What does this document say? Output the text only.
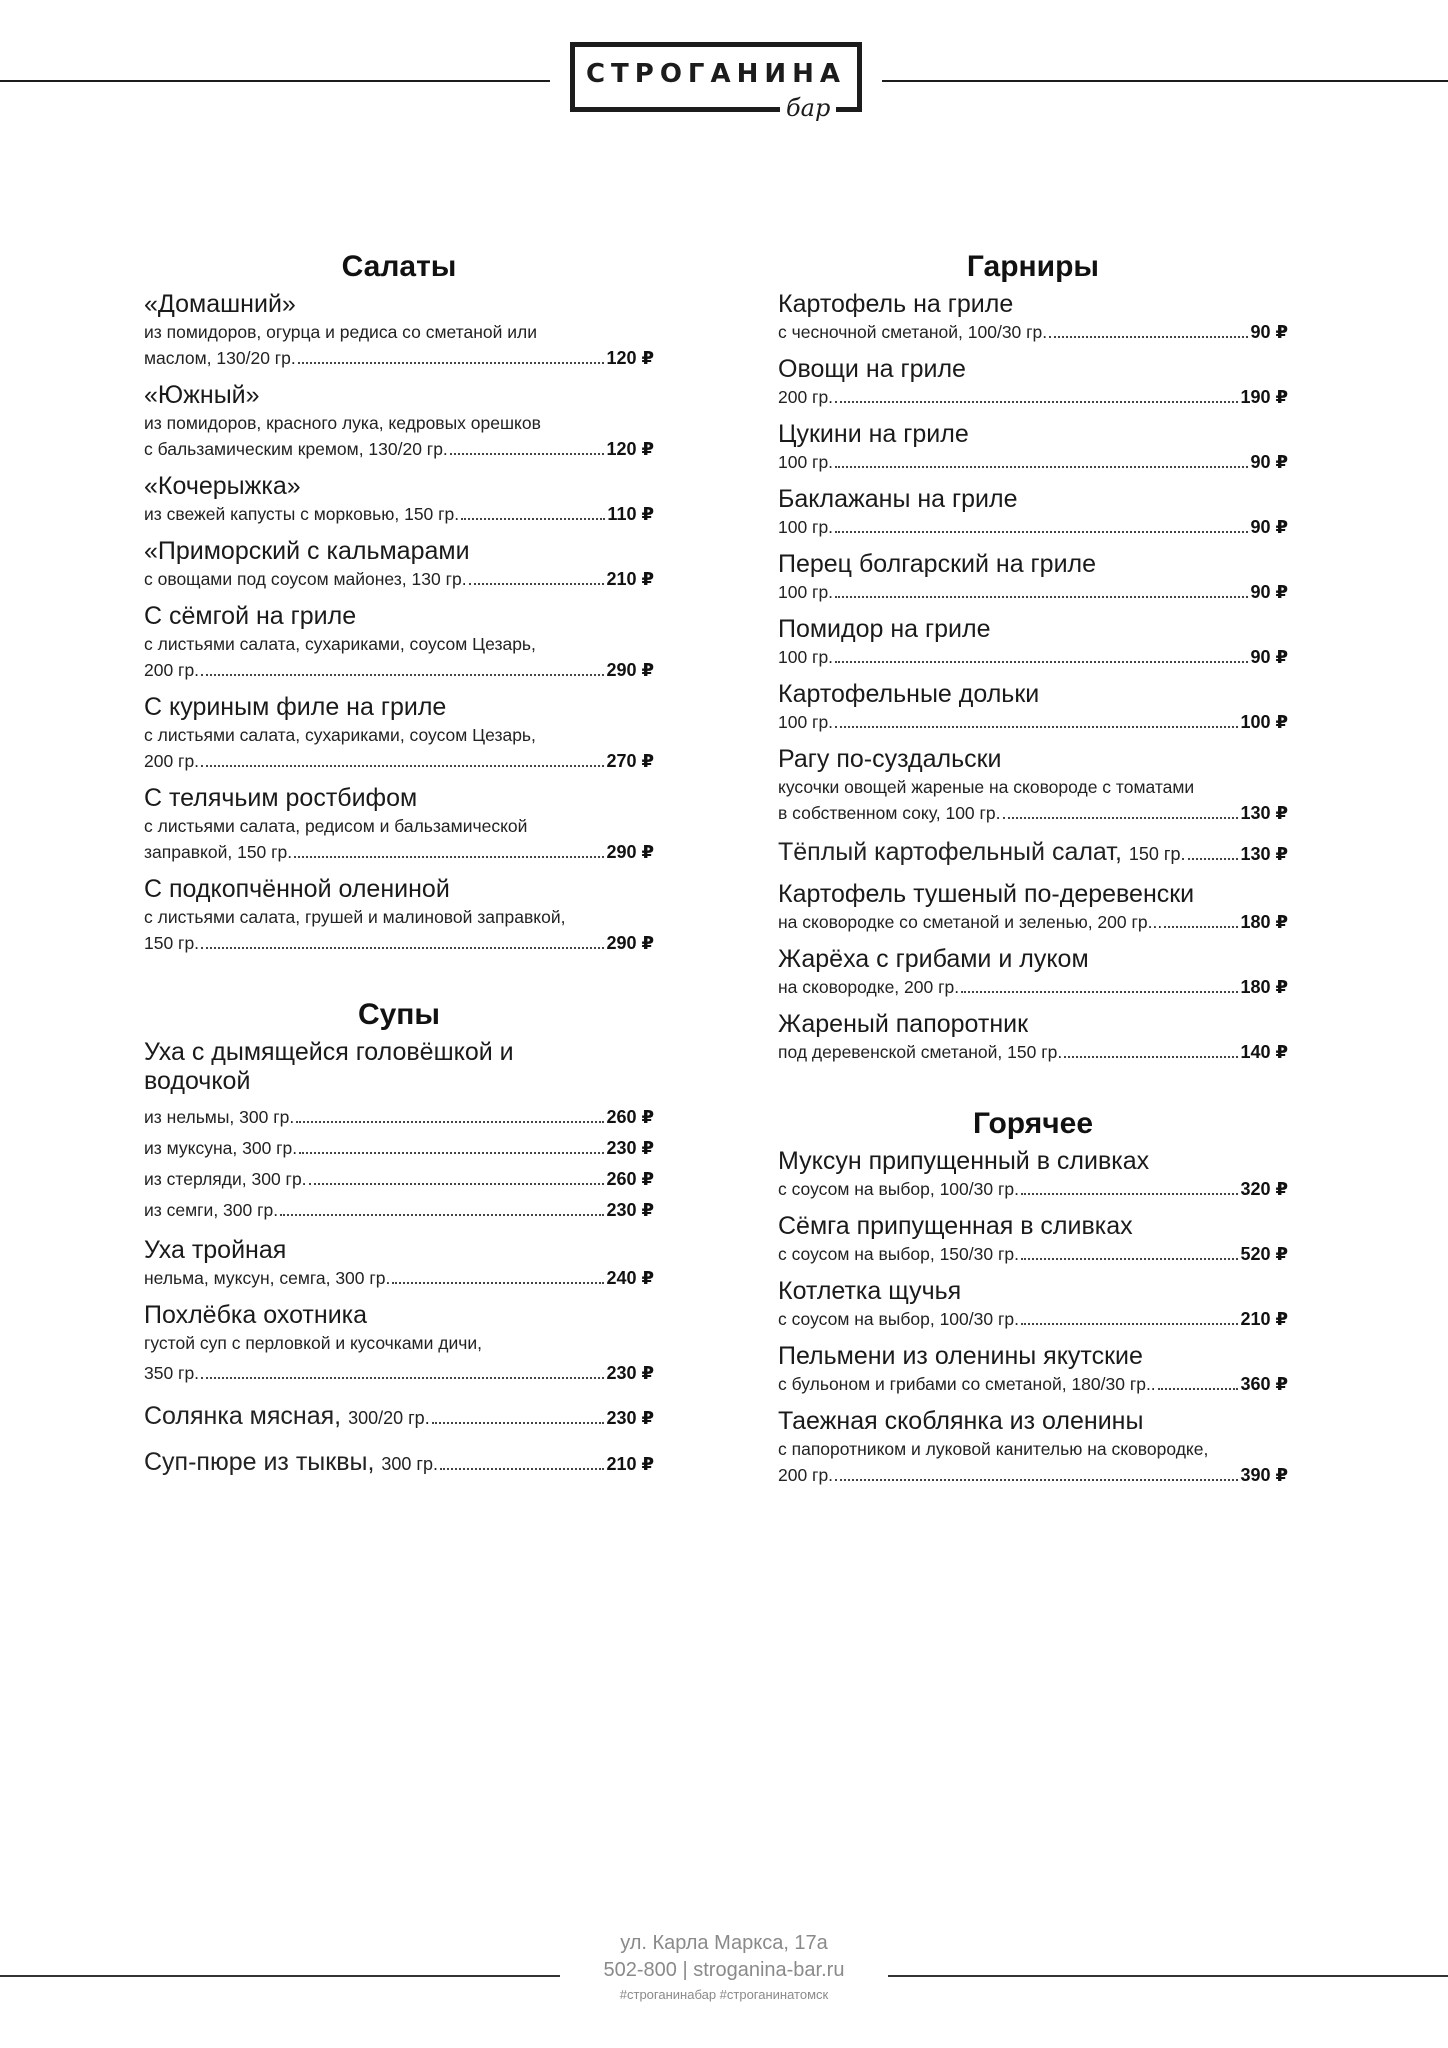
СТРОГАНИНА
бар
Салаты
«Домашний»
из помидоров, огурца и редиса со сметаной или
маслом, 130/20 гр.	120 ₽
«Южный»
из помидоров, красного лука, кедровых орешков
с бальзамическим кремом, 130/20 гр.	120 ₽
«Кочерыжка»
из свежей капусты с морковью, 150 гр.	110 ₽
«Приморский с кальмарами
с овощами под соусом майонез, 130 гр.	210 ₽
С сёмгой на гриле
с листьями салата, сухариками, соусом Цезарь,
200 гр.	290 ₽
С куриным филе на гриле
с листьями салата, сухариками, соусом Цезарь,
200 гр.	270 ₽
С телячьим ростбифом
с листьями салата, редисом и бальзамической
заправкой, 150 гр.	290 ₽
С подкопчённой олениной
с листьями салата, грушей и малиновой заправкой,
150 гр.	290 ₽
Супы
Уха с дымящейся головёшкой и водочкой
из нельмы, 300 гр.	260 ₽
из муксуна, 300 гр.	230 ₽
из стерляди, 300 гр.	260 ₽
из семги, 300 гр.	230 ₽
Уха тройная
нельма, муксун, семга, 300 гр.	240 ₽
Похлёбка охотника
густой суп с перловкой и кусочками дичи,
350 гр.	230 ₽
Солянка мясная, 300/20 гр.	230 ₽
Суп-пюре из тыквы, 300 гр.	210 ₽
Гарниры
Картофель на гриле
с чесночной сметаной, 100/30 гр.	90 ₽
Овощи на гриле
200 гр.	190 ₽
Цукини на гриле
100 гр.	90 ₽
Баклажаны на гриле
100 гр.	90 ₽
Перец болгарский на гриле
100 гр.	90 ₽
Помидор на гриле
100 гр.	90 ₽
Картофельные дольки
100 гр.	100 ₽
Рагу по-суздальски
кусочки овощей жареные на сковороде с томатами
в собственном соку, 100 гр.	130 ₽
Тёплый картофельный салат, 150 гр.	130 ₽
Картофель тушеный по-деревенски
на сковородке со сметаной и зеленью, 200 гр...	180 ₽
Жарёха с грибами и луком
на сковородке, 200 гр.	180 ₽
Жареный папоротник
под деревенской сметаной, 150 гр.	140 ₽
Горячее
Муксун припущенный в сливках
с соусом на выбор, 100/30 гр.	320 ₽
Сёмга припущенная в сливках
с соусом на выбор, 150/30 гр.	520 ₽
Котлетка щучья
с соусом на выбор, 100/30 гр.	210 ₽
Пельмени из оленины якутские
с бульоном и грибами со сметаной, 180/30 гр..	360 ₽
Таежная скоблянка из оленины
с папоротником и луковой канителью на сковородке,
200 гр.	390 ₽
ул. Карла Маркса, 17а
502-800 | stroganina-bar.ru
#строганинабар #строганинатомск
